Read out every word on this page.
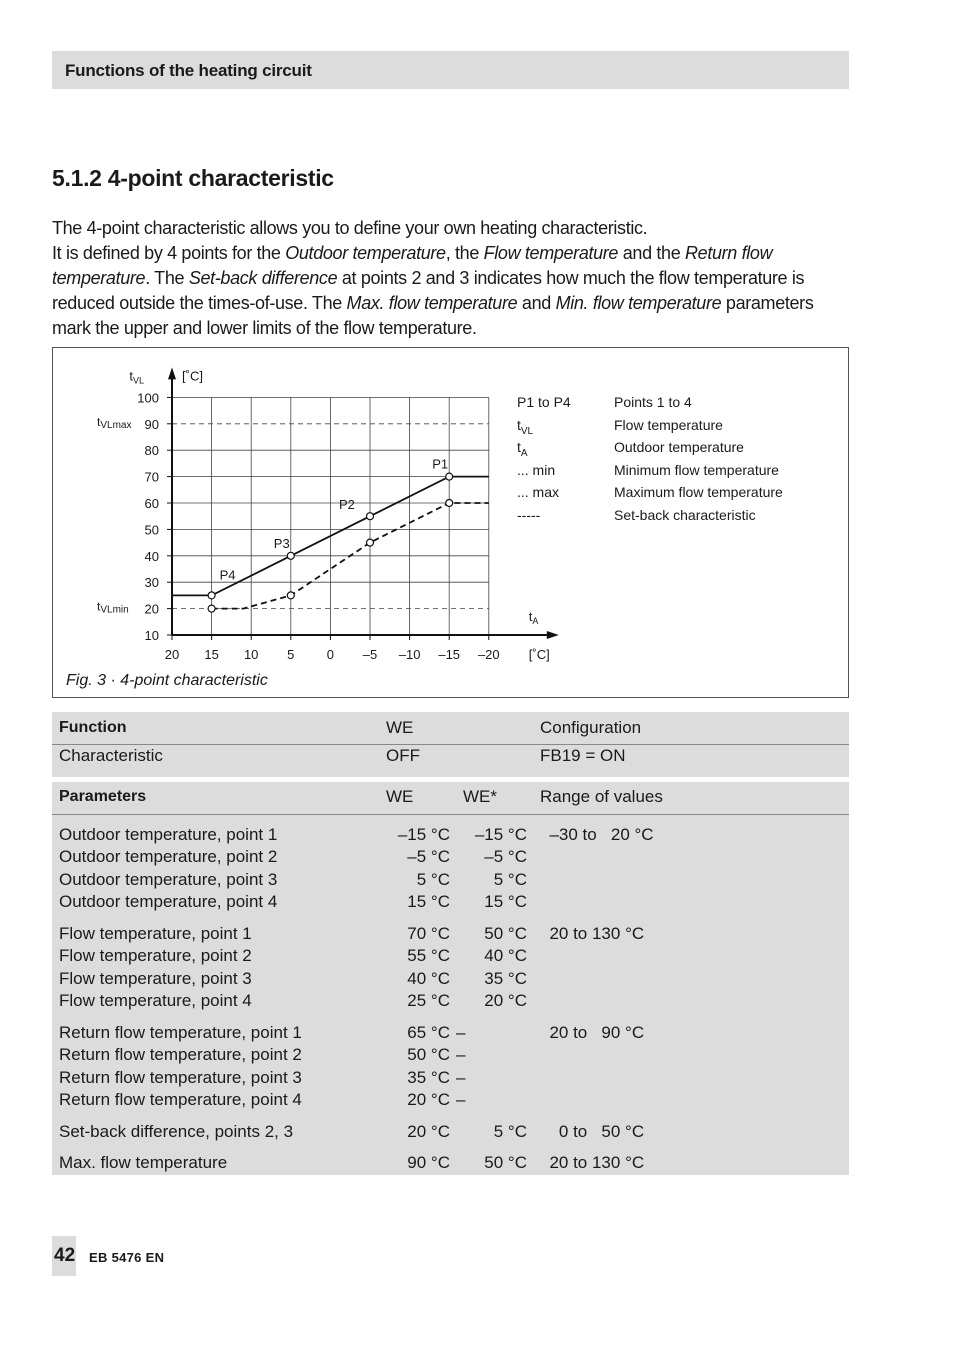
Functions of the heating circuit
5.1.2 4-point characteristic

The 4-point characteristic allows you to define your own heating characteristic.

It is defined by 4 points for the Outdoor temperature, the Flow temperature and the Return flow temperature. The Set-back difference at points 2 and 3 indicates how much the flow temperature is reduced outside the times-of-use. The Max. flow temperature and Min. flow temperature parameters mark the upper and lower limits of the flow temperature.

100
90
80
70
60
50
40
30
20
10
20 15 10 5 0 –5 –10 –15 –20
$t_{VL}$	[˚C]
$t_A$
[˚C]
tVLmax
tVLmin
P1
P2
P3
P4
P1 to P4	Points 1 to 4
$t_{VL}$	Flow temperature
$t_A$	Outdoor temperature
... min	Minimum flow temperature
... max	Maximum flow temperature
-----	Set-back characteristic
Fig. 3 · 4-point characteristic
Function	WE		Configuration
Characteristic	OFF		FB19 = ON

Parameters	WE	WE*	Range of values

Outdoor temperature, point 1	–15 °C	–15 °C	–30 to   20 °C
Outdoor temperature, point 2	–5 °C	–5 °C	
Outdoor temperature, point 3	5 °C	5 °C	
Outdoor temperature, point 4	15 °C	15 °C	

Flow temperature, point 1	70 °C	50 °C	20 to 130 °C
Flow temperature, point 2	55 °C	40 °C	
Flow temperature, point 3	40 °C	35 °C	
Flow temperature, point 4	25 °C	20 °C	

Return flow temperature, point 1	65 °C	–	20 to   90 °C
Return flow temperature, point 2	50 °C	–	
Return flow temperature, point 3	35 °C	–	
Return flow temperature, point 4	20 °C	–	

Set-back difference, points 2, 3	20 °C	5 °C	0 to   50 °C

Max. flow temperature	90 °C	50 °C	20 to 130 °C
42 EB 5476 EN
